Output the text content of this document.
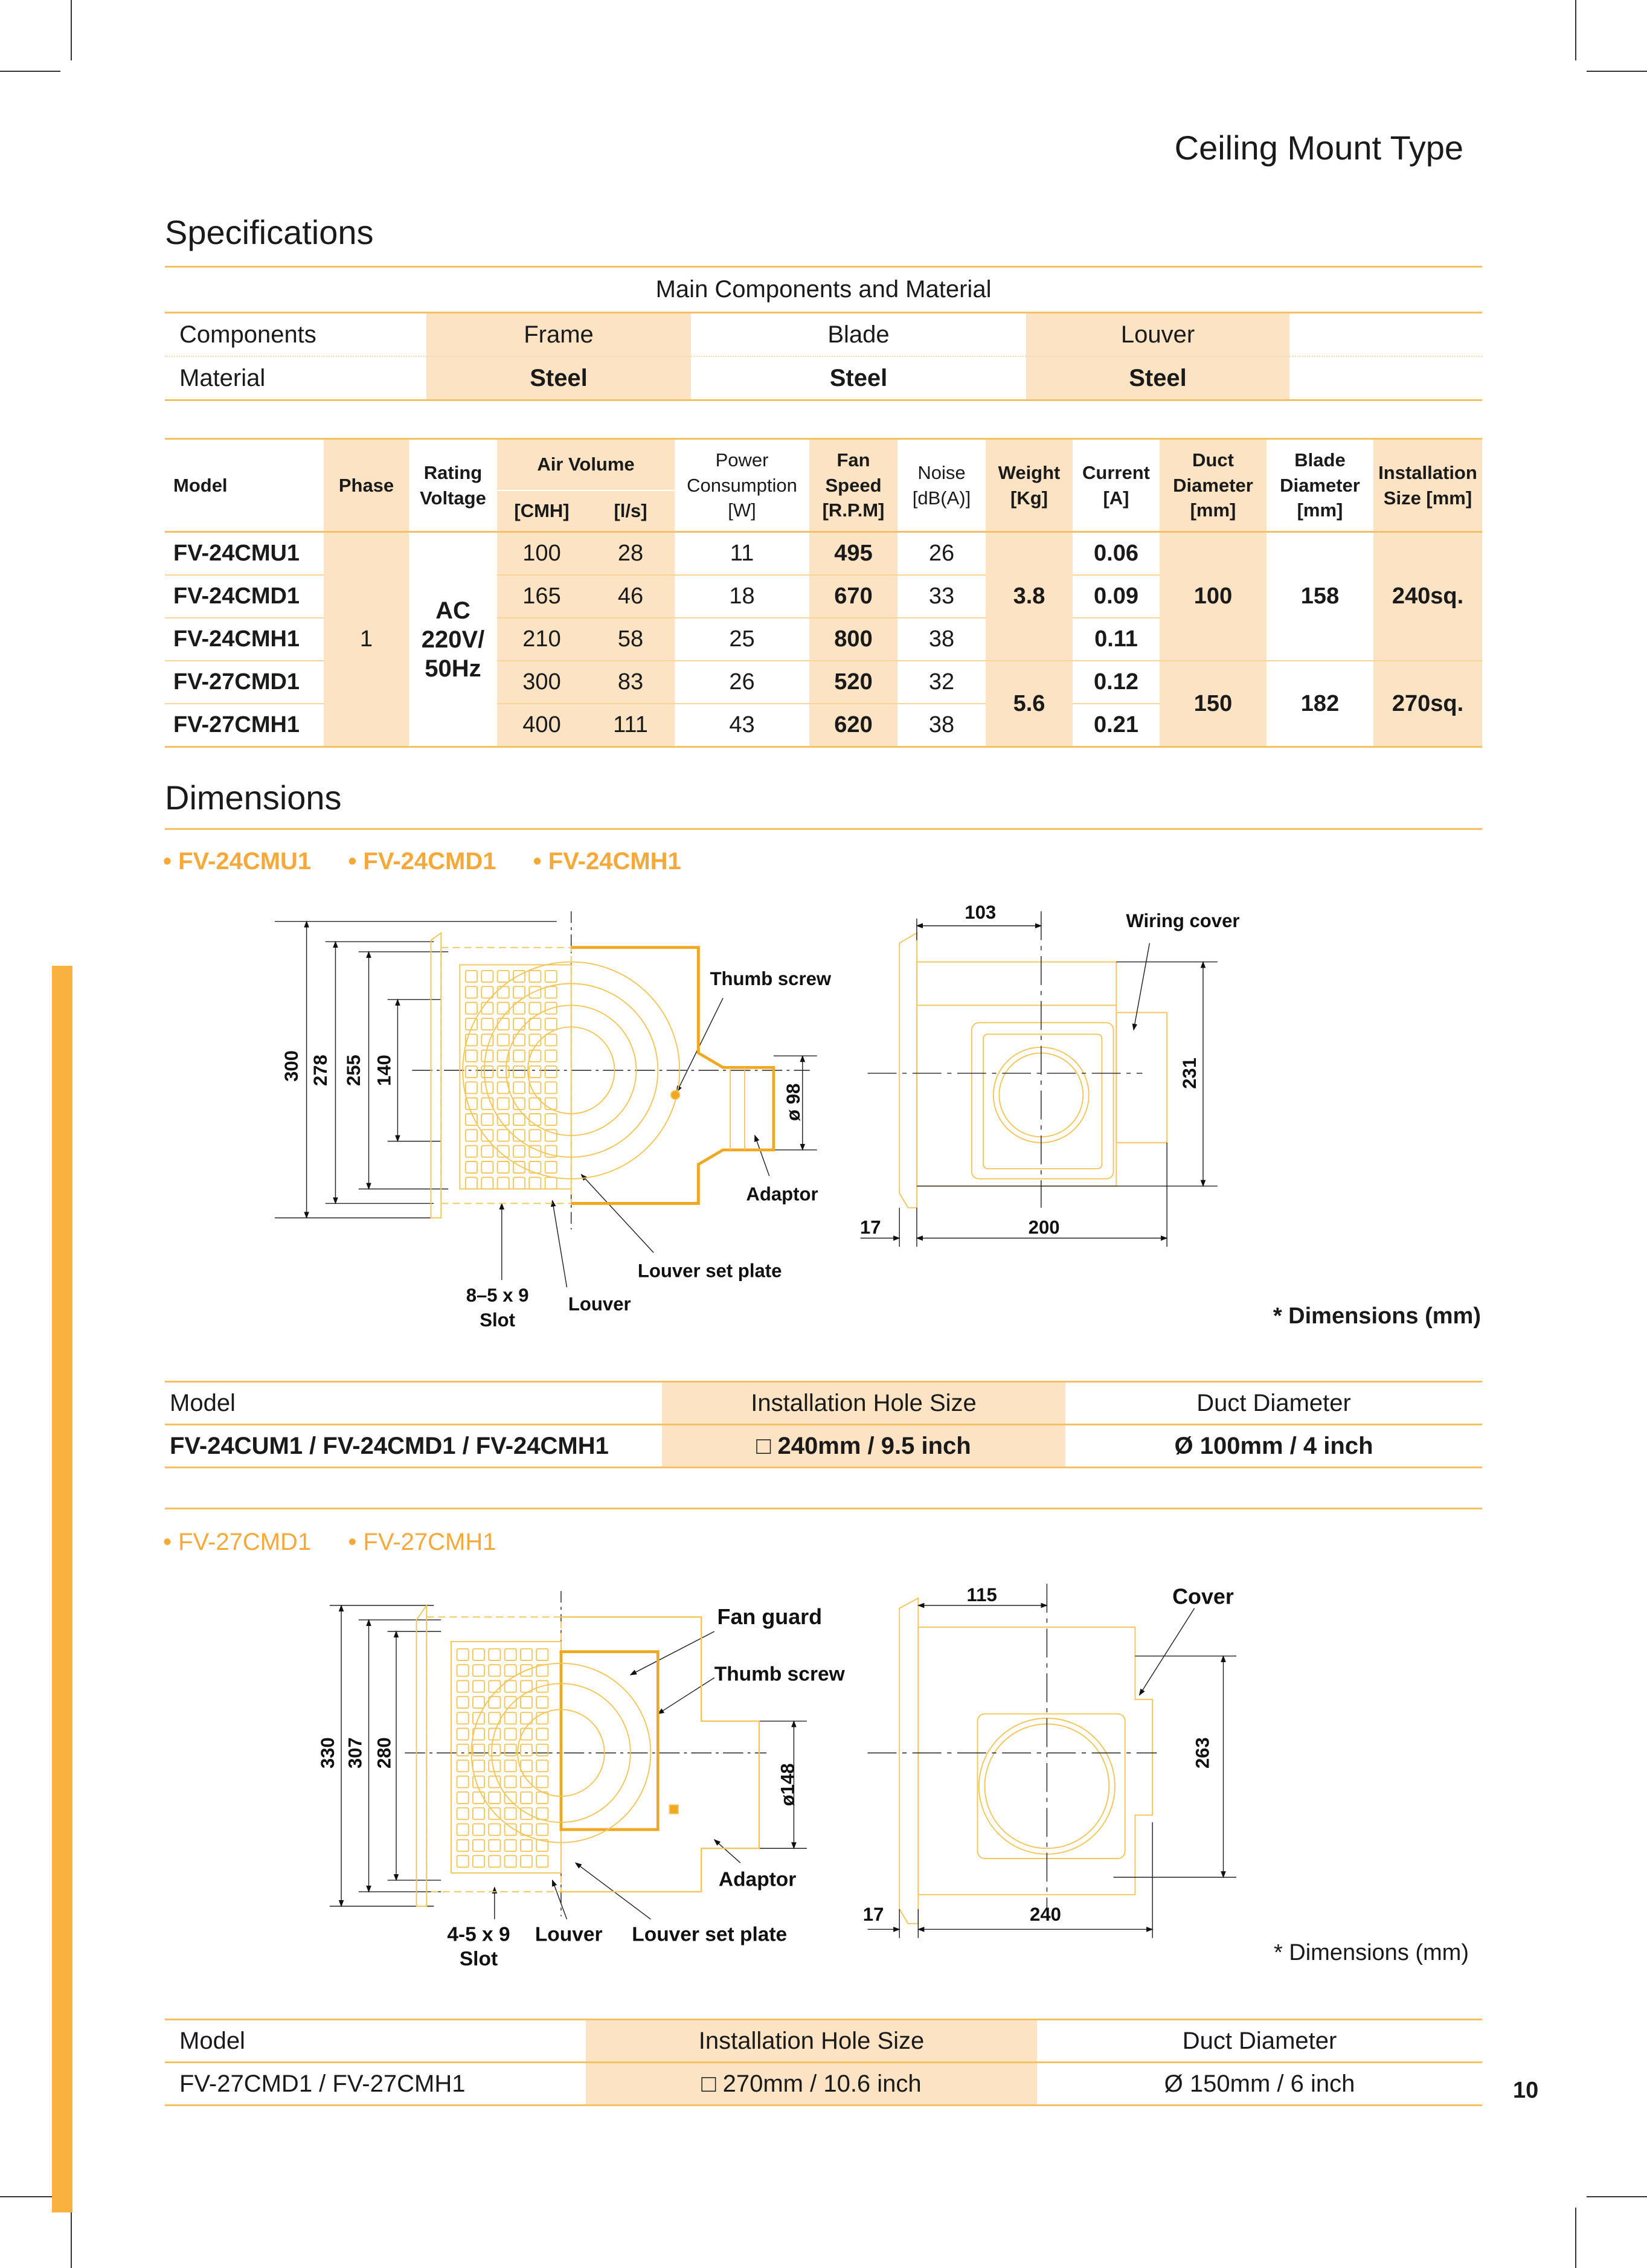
Ceiling Mount Type
Specifications
Main Components and Material				
Components	Frame	Blade	Louver	
Material	Steel	Steel	Steel	
Model	Phase	Rating Voltage	Air Volume		Power Consumption [W]	Fan Speed [R.P.M]	Noise [dB(A)]	Weight [Kg]	Current [A]	Duct Diameter [mm]	Blade Diameter [mm]	Installation Size [mm]
			[CMH]	[l/s]								
FV-24CMU1	1	AC 220V/ 50Hz	100	28	11	495	26	3.8	0.06	100	158	240sq.
FV-24CMD1			165	46	18	670	33		0.09			
FV-24CMH1			210	58	25	800	38		0.11			
FV-27CMD1			300	83	26	520	32	5.6	0.12	150	182	270sq.
FV-27CMH1			400	111	43	620	38		0.21			
Dimensions
• FV-24CMU1 • FV-24CMD1 • FV-24CMH1
* Dimensions (mm)
Model	Installation Hole Size	Duct Diameter
FV-24CUM1 / FV-24CMD1 / FV-24CMH1	□ 240mm / 9.5 inch	Ø 100mm / 4 inch
• FV-27CMD1 • FV-27CMH1
* Dimensions (mm)
Model	Installation Hole Size	Duct Diameter
FV-27CMD1 / FV-27CMH1	□ 270mm / 10.6 inch	Ø 150mm / 6 inch	10
300 278 255 140
ø 98
Thumb screw
Adaptor
Louver set plate
Louver
8–5 x 9
Slot
103
231
17	200
Wiring cover
330 307 280
ø148
Fan guard
Thumb screw
Adaptor
Louver set plate
Louver
4-5 x 9
Slot
115
263
17	240
Cover
